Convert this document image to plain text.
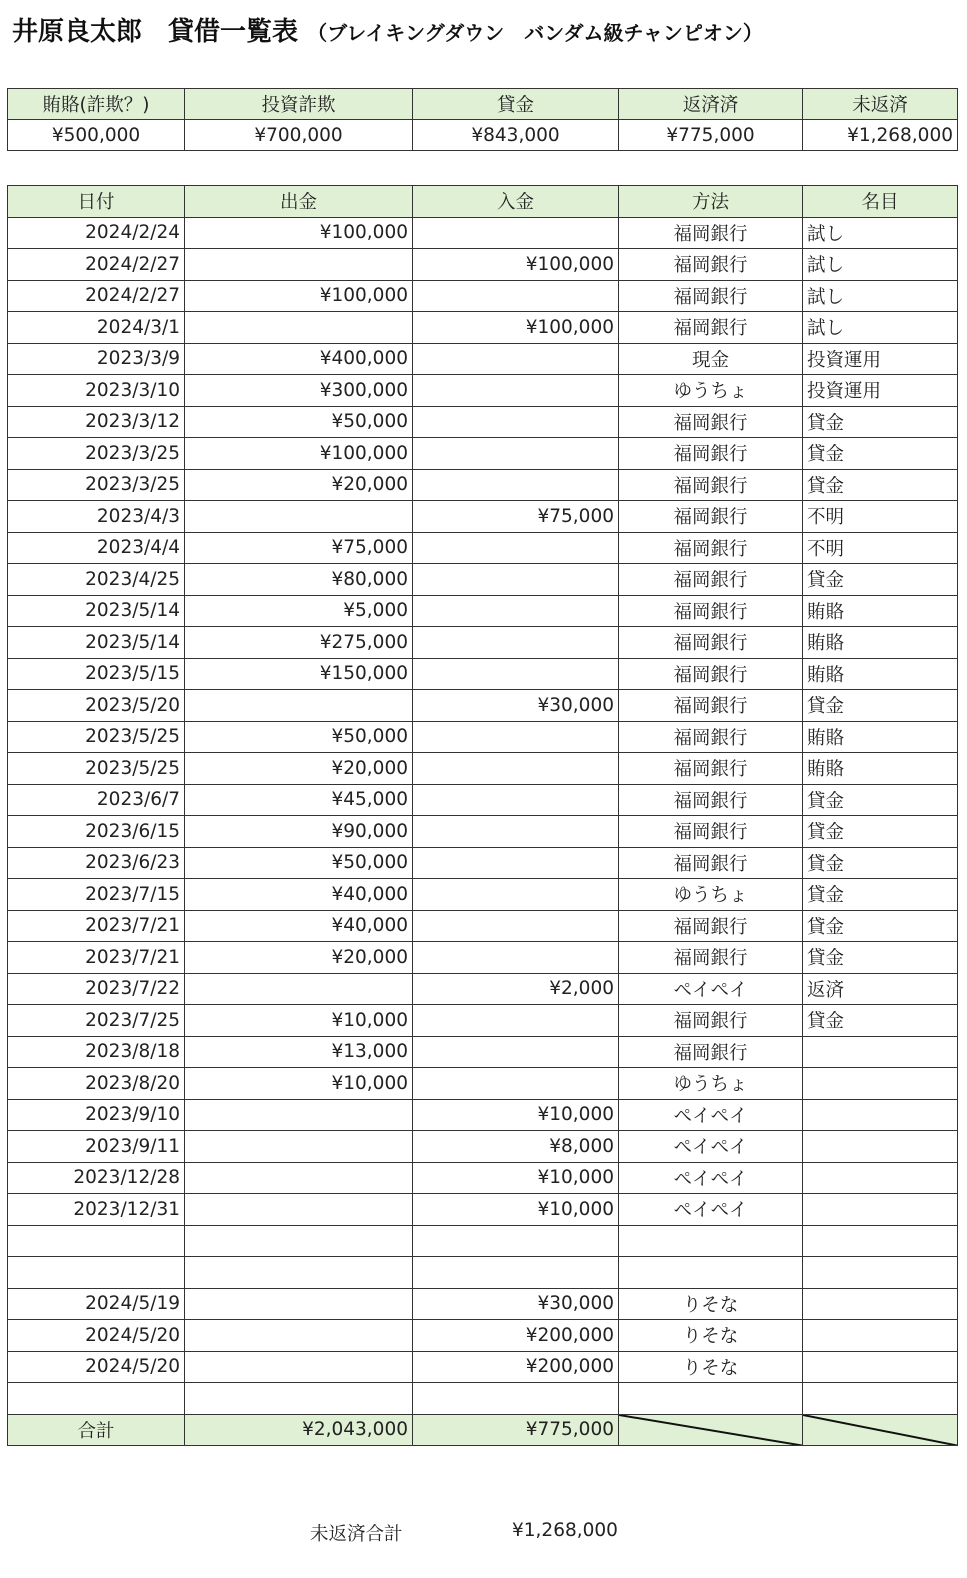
井原良太郎　貸借一覧表 （ブレイキングダウン　バンダム級チャンピオン）
賄賂(詐欺？)	投資詐欺	貸金	返済済	未返済
¥500,000	¥700,000	¥843,000	¥775,000	¥1,268,000
日付	出金	入金	方法	名目
2024/2/24	¥100,000		福岡銀行	試し
2024/2/27		¥100,000	福岡銀行	試し
2024/2/27	¥100,000		福岡銀行	試し
2024/3/1		¥100,000	福岡銀行	試し
2023/3/9	¥400,000		現金	投資運用
2023/3/10	¥300,000		ゆうちょ	投資運用
2023/3/12	¥50,000		福岡銀行	貸金
2023/3/25	¥100,000		福岡銀行	貸金
2023/3/25	¥20,000		福岡銀行	貸金
2023/4/3		¥75,000	福岡銀行	不明
2023/4/4	¥75,000		福岡銀行	不明
2023/4/25	¥80,000		福岡銀行	貸金
2023/5/14	¥5,000		福岡銀行	賄賂
2023/5/14	¥275,000		福岡銀行	賄賂
2023/5/15	¥150,000		福岡銀行	賄賂
2023/5/20		¥30,000	福岡銀行	貸金
2023/5/25	¥50,000		福岡銀行	賄賂
2023/5/25	¥20,000		福岡銀行	賄賂
2023/6/7	¥45,000		福岡銀行	貸金
2023/6/15	¥90,000		福岡銀行	貸金
2023/6/23	¥50,000		福岡銀行	貸金
2023/7/15	¥40,000		ゆうちょ	貸金
2023/7/21	¥40,000		福岡銀行	貸金
2023/7/21	¥20,000		福岡銀行	貸金
2023/7/22		¥2,000	ペイペイ	返済
2023/7/25	¥10,000		福岡銀行	貸金
2023/8/18	¥13,000		福岡銀行	
2023/8/20	¥10,000		ゆうちょ	
2023/9/10		¥10,000	ペイペイ	
2023/9/11		¥8,000	ペイペイ	
2023/12/28		¥10,000	ペイペイ	
2023/12/31		¥10,000	ペイペイ	

2024/5/19		¥30,000	りそな	
2024/5/20		¥200,000	りそな	
2024/5/20		¥200,000	りそな	

合計	¥2,043,000	¥775,000	

未返済合計	¥1,268,000
